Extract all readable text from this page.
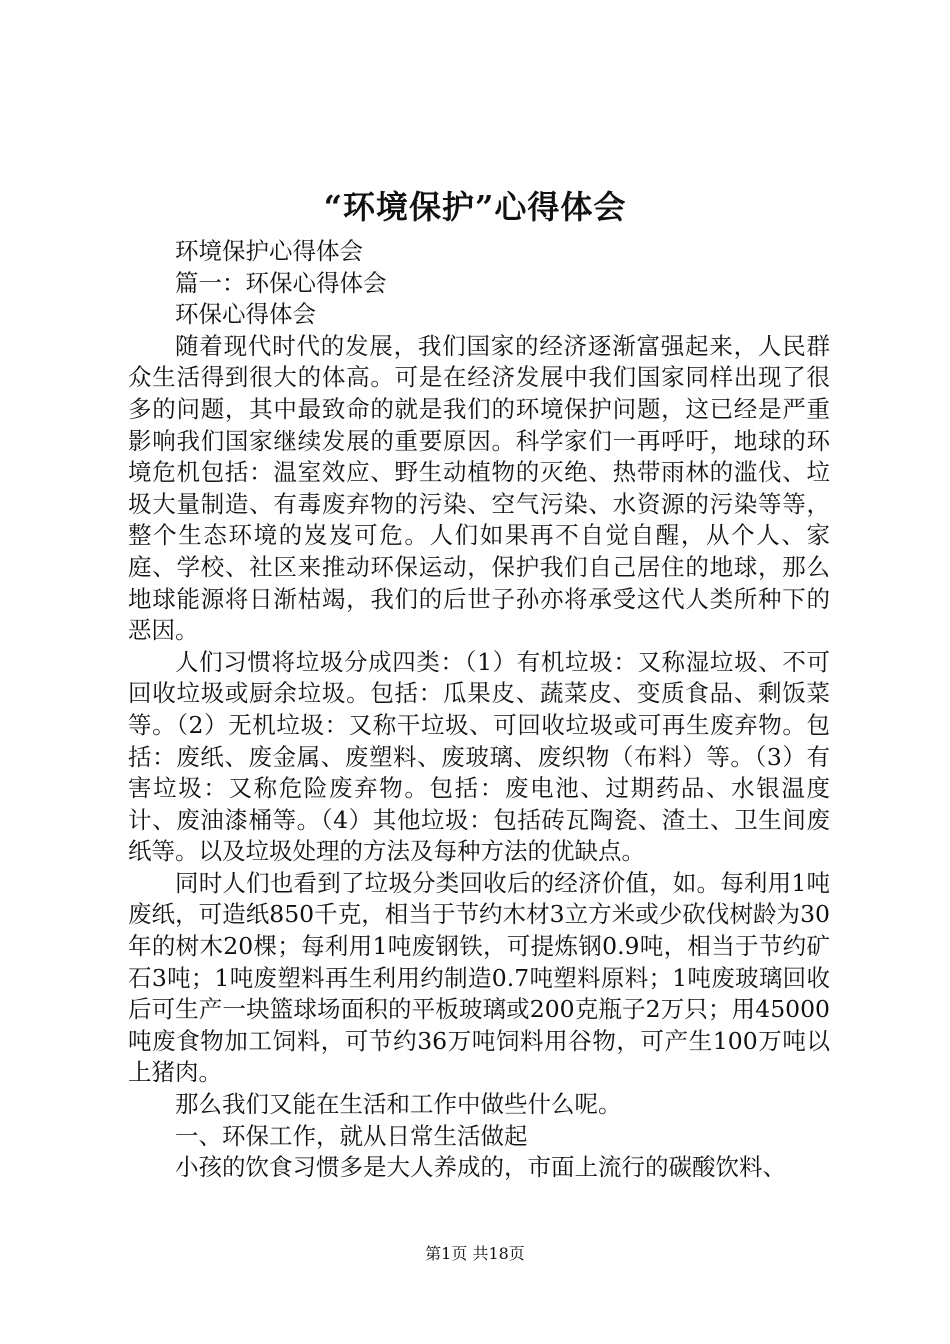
“环境保护”心得体会

环境保护心得体会

篇一：环保心得体会

环保心得体会

随着现代时代的发展，我们国家的经济逐渐富强起来，人民群众生活得到很大的体高。可是在经济发展中我们国家同样出现了很多的问题，其中最致命的就是我们的环境保护问题，这已经是严重影响我们国家继续发展的重要原因。科学家们一再呼吁，地球的环境危机包括：温室效应、野生动植物的灭绝、热带雨林的滥伐、垃圾大量制造、有毒废弃物的污染、空气污染、水资源的污染等等，整个生态环境的岌岌可危。人们如果再不自觉自醒，从个人、家庭、学校、社区来推动环保运动，保护我们自己居住的地球，那么地球能源将日渐枯竭，我们的后世子孙亦将承受这代人类所种下的恶因。

人们习惯将垃圾分成四类：（1）有机垃圾：又称湿垃圾、不可回收垃圾或厨余垃圾。包括：瓜果皮、蔬菜皮、变质食品、剩饭菜等。（2）无机垃圾：又称干垃圾、可回收垃圾或可再生废弃物。包括：废纸、废金属、废塑料、废玻璃、废织物（布料）等。（3）有害垃圾：又称危险废弃物。包括：废电池、过期药品、水银温度计、废油漆桶等。（4）其他垃圾：包括砖瓦陶瓷、渣土、卫生间废纸等。以及垃圾处理的方法及每种方法的优缺点。

同时人们也看到了垃圾分类回收后的经济价值，如。每利用1吨废纸，可造纸850千克，相当于节约木材3立方米或少砍伐树龄为30年的树木20棵；每利用1吨废钢铁，可提炼钢0.9吨，相当于节约矿石3吨；1吨废塑料再生利用约制造0.7吨塑料原料；1吨废玻璃回收后可生产一块篮球场面积的平板玻璃或200克瓶子2万只；用45000吨废食物加工饲料，可节约36万吨饲料用谷物，可产生100万吨以上猪肉。

那么我们又能在生活和工作中做些什么呢。

一、环保工作，就从日常生活做起

小孩的饮食习惯多是大人养成的，市面上流行的碳酸饮料、

第1页 共18页
